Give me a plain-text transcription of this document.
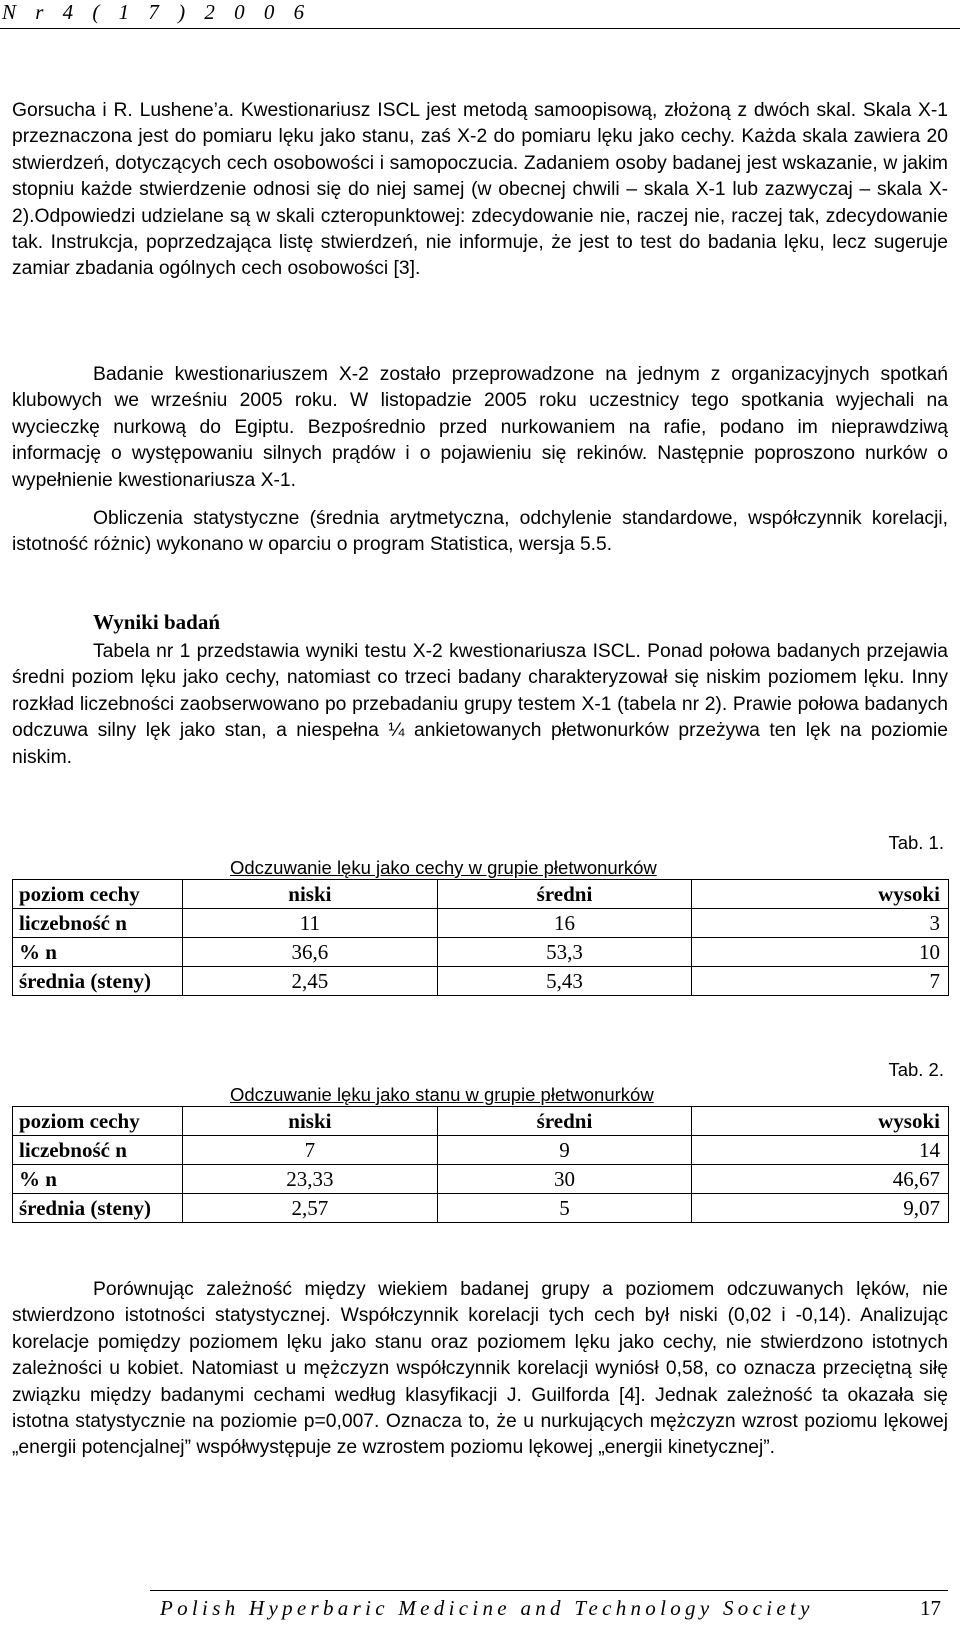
N r 4 ( 1 7 ) 2 0 0 6

Gorsucha i R. Lushene’a. Kwestionariusz ISCL jest metodą samoopisową, złożoną z dwóch skal. Skala X-1 przeznaczona jest do pomiaru lęku jako stanu, zaś X-2 do pomiaru lęku jako cechy. Każda skala zawiera 20 stwierdzeń, dotyczących cech osobowości i samopoczucia. Zadaniem osoby badanej jest wskazanie, w jakim stopniu każde stwierdzenie odnosi się do niej samej (w obecnej chwili – skala X-1 lub zazwyczaj – skala X-2).Odpowiedzi udzielane są w skali czteropunktowej: zdecydowanie nie, raczej nie, raczej tak, zdecydowanie tak. Instrukcja, poprzedzająca listę stwierdzeń, nie informuje, że jest to test do badania lęku, lecz sugeruje zamiar zbadania ogólnych cech osobowości [3].

Badanie kwestionariuszem X-2 zostało przeprowadzone na jednym z organizacyjnych spotkań klubowych we wrześniu 2005 roku. W listopadzie 2005 roku uczestnicy tego spotkania wyjechali na wycieczkę nurkową do Egiptu. Bezpośrednio przed nurkowaniem na rafie, podano im nieprawdziwą informację o występowaniu silnych prądów i o pojawieniu się rekinów. Następnie poproszono nurków o wypełnienie kwestionariusza X-1.

Obliczenia statystyczne (średnia arytmetyczna, odchylenie standardowe, współczynnik korelacji, istotność różnic) wykonano w oparciu o program Statistica, wersja 5.5.

Wyniki badań

Tabela nr 1 przedstawia wyniki testu X-2 kwestionariusza ISCL. Ponad połowa badanych przejawia średni poziom lęku jako cechy, natomiast co trzeci badany charakteryzował się niskim poziomem lęku. Inny rozkład liczebności zaobserwowano po przebadaniu grupy testem X-1 (tabela nr 2). Prawie połowa badanych odczuwa silny lęk jako stan, a niespełna ¼ ankietowanych płetwonurków przeżywa ten lęk na poziomie niskim.

Tab. 1.
Odczuwanie lęku jako cechy w grupie płetwonurków
poziom cechy	niski	średni	wysoki
liczebność n	11	16	3
% n	36,6	53,3	10
średnia (steny)	2,45	5,43	7
Tab. 2.
Odczuwanie lęku jako stanu w grupie płetwonurków
poziom cechy	niski	średni	wysoki
liczebność n	7	9	14
% n	23,33	30	46,67
średnia (steny)	2,57	5	9,07

Porównując zależność między wiekiem badanej grupy a poziomem odczuwanych lęków, nie stwierdzono istotności statystycznej. Współczynnik korelacji tych cech był niski (0,02 i -0,14). Analizując korelacje pomiędzy poziomem lęku jako stanu oraz poziomem lęku jako cechy, nie stwierdzono istotnych zależności u kobiet. Natomiast u mężczyzn współczynnik korelacji wyniósł 0,58, co oznacza przeciętną siłę związku między badanymi cechami według klasyfikacji J. Guilforda [4]. Jednak zależność ta okazała się istotna statystycznie na poziomie p=0,007. Oznacza to, że u nurkujących mężczyzn wzrost poziomu lękowej „energii potencjalnej” współwystępuje ze wzrostem poziomu lękowej „energii kinetycznej”.

Polish Hyperbaric Medicine and Technology Society	17
